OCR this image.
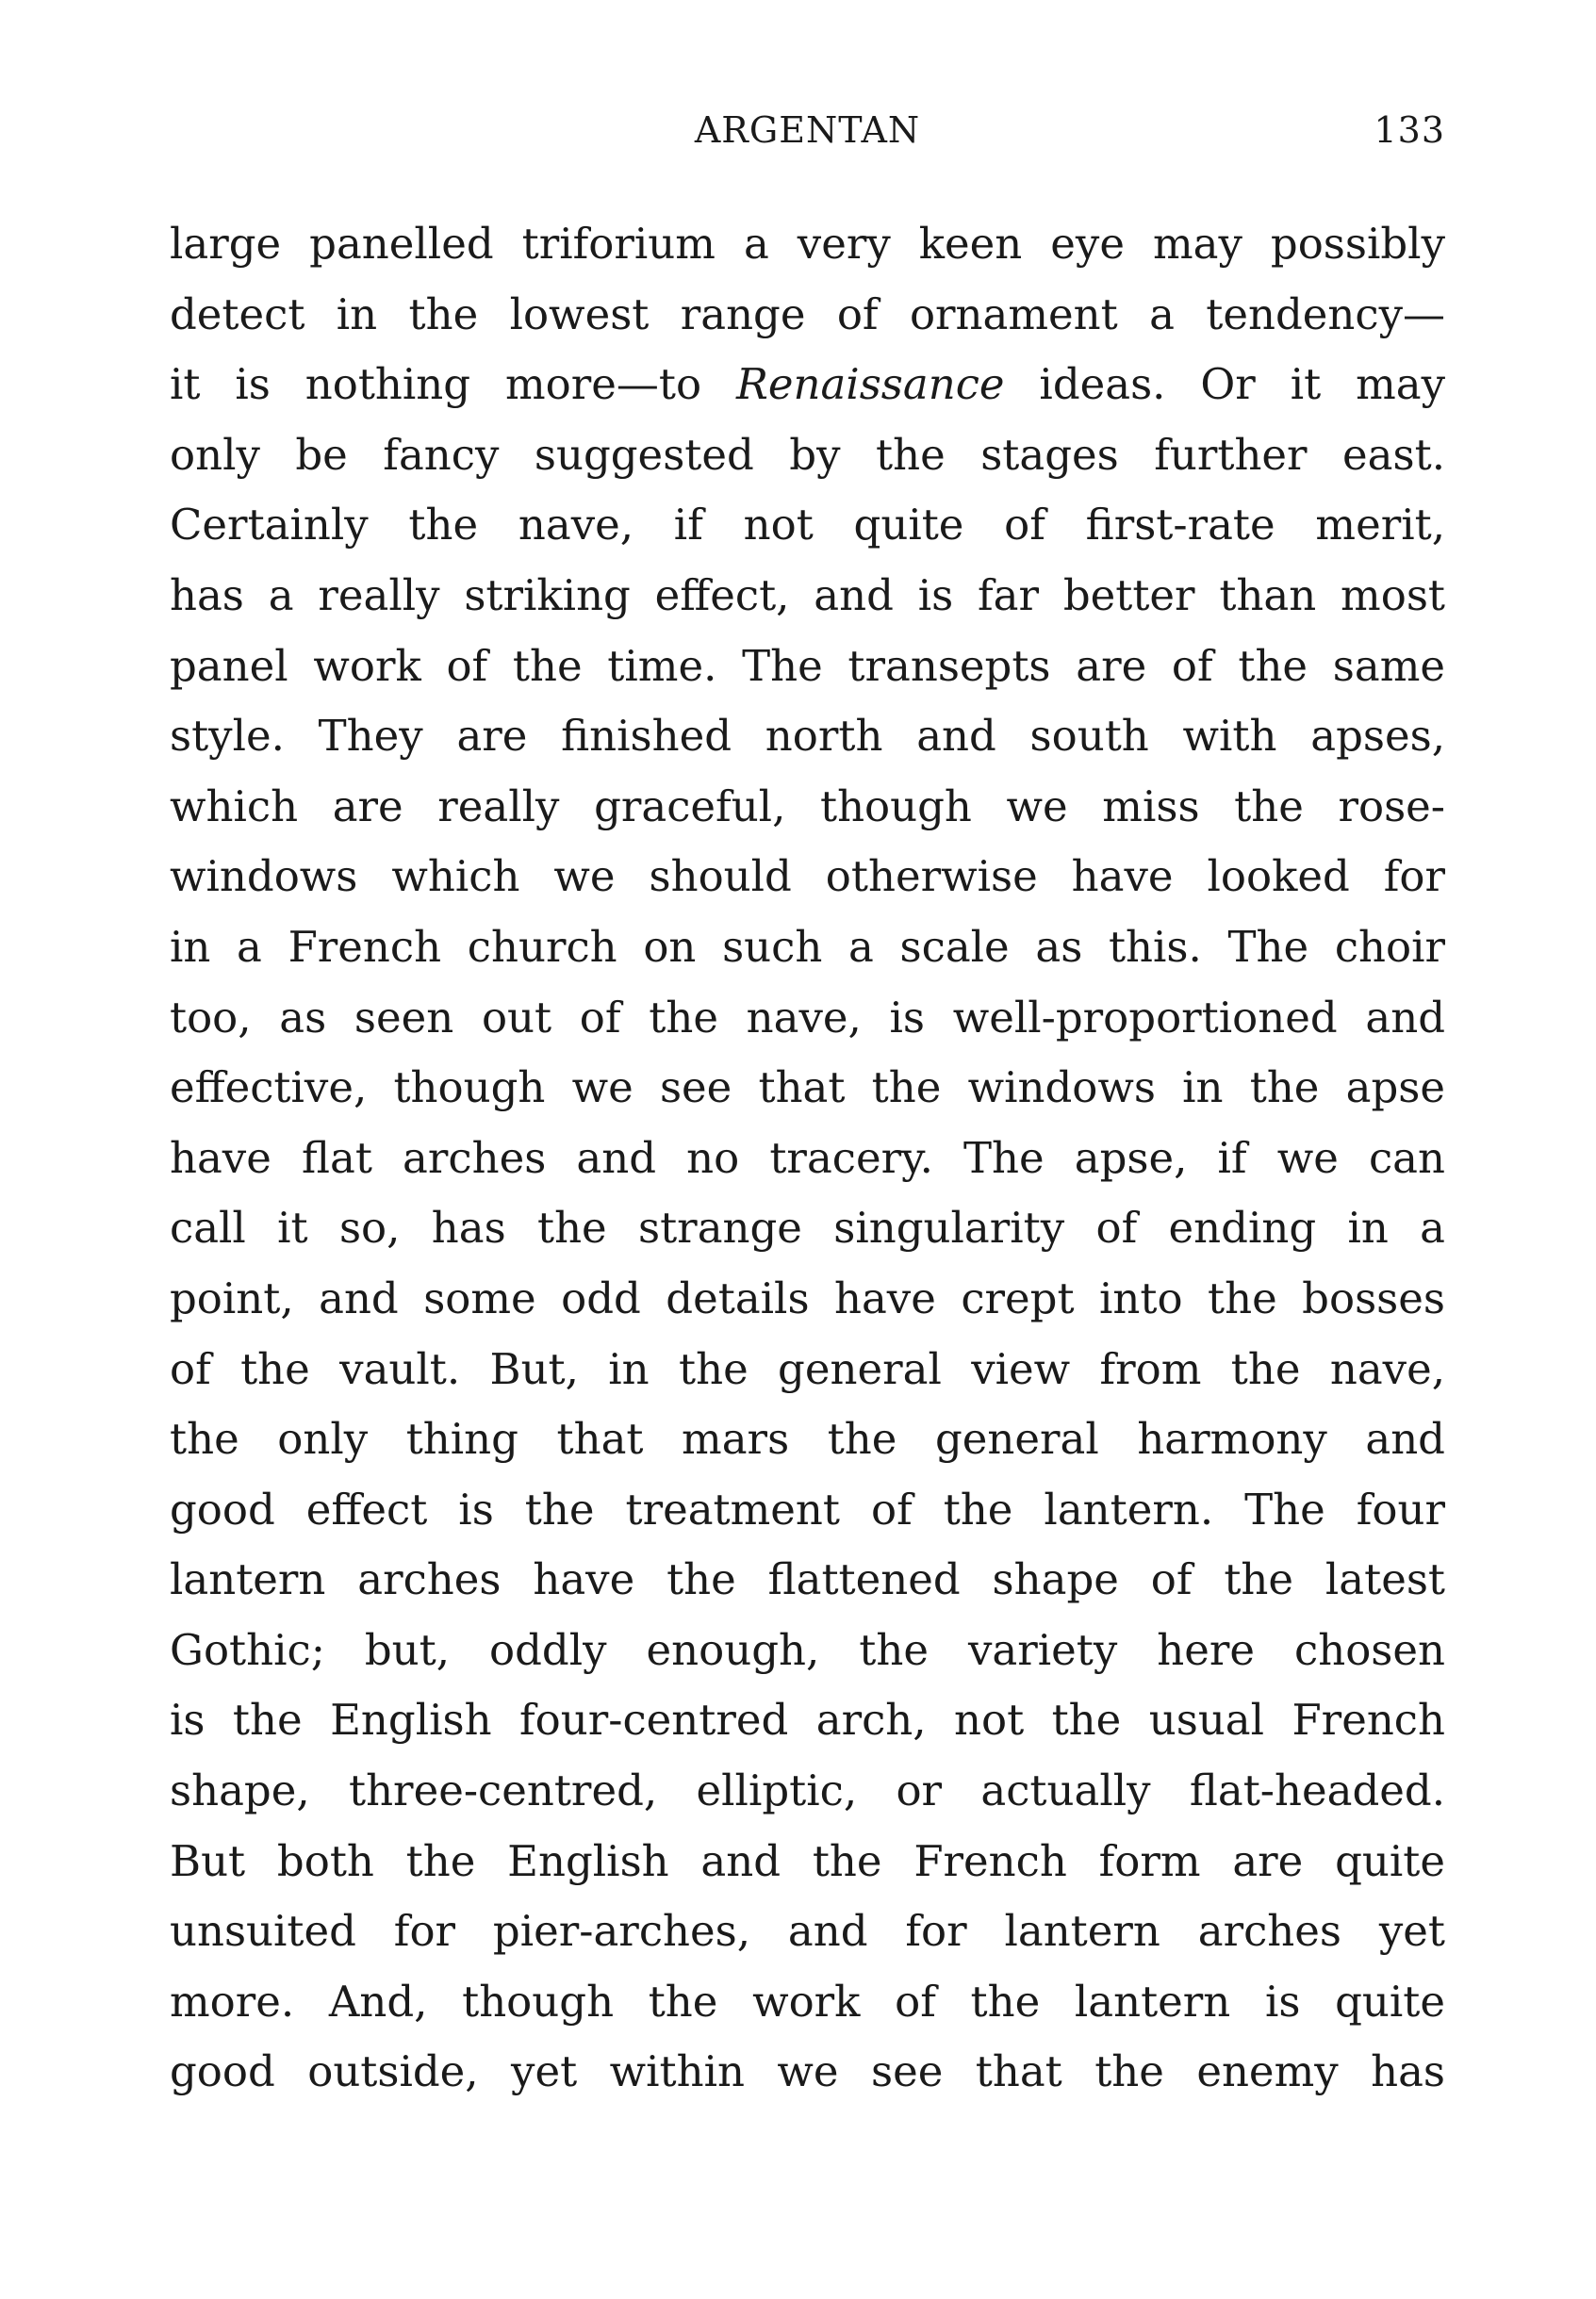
ARGENTAN	133
large panelled triforium a very keen eye may possibly
detect in the lowest range of ornament a tendency—
it is nothing more—to Renaissance ideas. Or it may
only be fancy suggested by the stages further east.
Certainly the nave, if not quite of first-rate merit,
has a really striking effect, and is far better than most
panel work of the time. The transepts are of the same
style. They are finished north and south with apses,
which are really graceful, though we miss the rose-
windows which we should otherwise have looked for
in a French church on such a scale as this. The choir
too, as seen out of the nave, is well-proportioned and
effective, though we see that the windows in the apse
have flat arches and no tracery. The apse, if we can
call it so, has the strange singularity of ending in a
point, and some odd details have crept into the bosses
of the vault. But, in the general view from the nave,
the only thing that mars the general harmony and
good effect is the treatment of the lantern. The four
lantern arches have the flattened shape of the latest
Gothic; but, oddly enough, the variety here chosen
is the English four-centred arch, not the usual French
shape, three-centred, elliptic, or actually flat-headed.
But both the English and the French form are quite
unsuited for pier-arches, and for lantern arches yet
more. And, though the work of the lantern is quite
good outside, yet within we see that the enemy has
